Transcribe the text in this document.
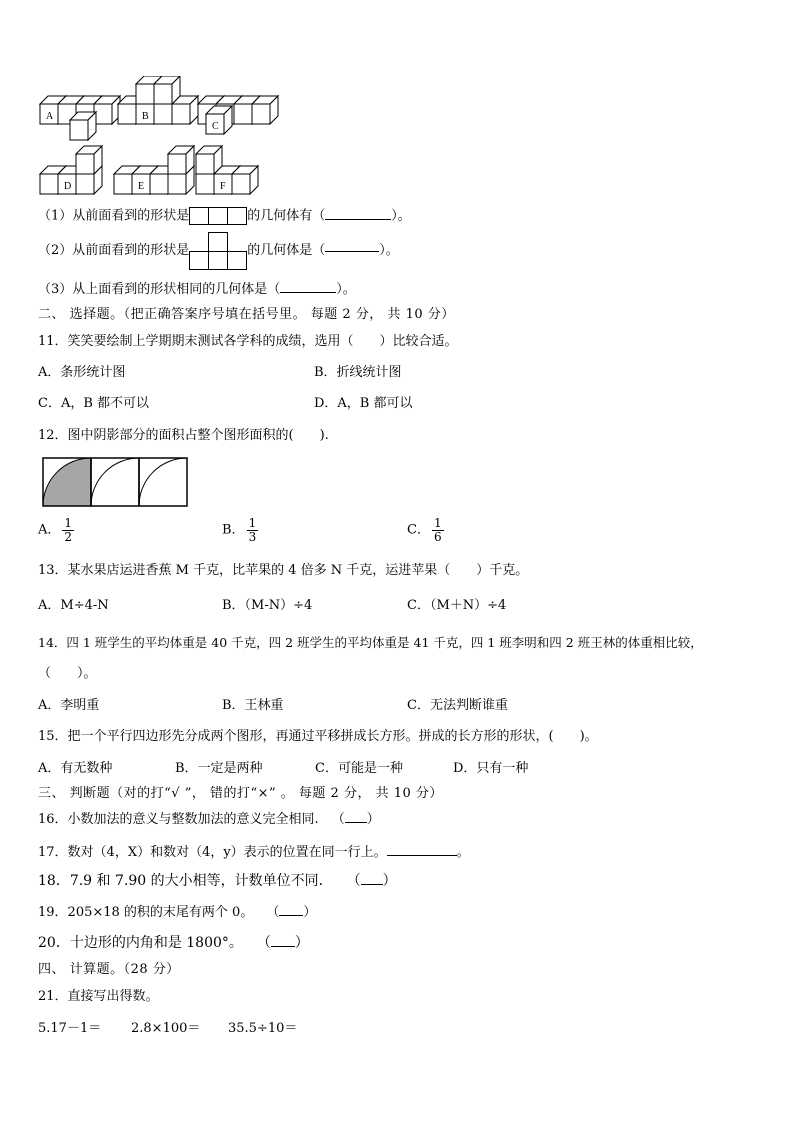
A	B
C
D	E	F
（1）从前面看到的形状是	的几何体有（	）。
（2）从前面看到的形状是	的几何体是（	）。
（3）从上面看到的形状相同的几何体是（	）。
二、 选择题。（把正确答案序号填在括号里。 每题 2 分， 共 10 分）
11．笑笑要绘制上学期期末测试各学科的成绩，选用（　　）比较合适。
A．条形统计图	B．折线统计图
C．A，B 都不可以	D．A，B 都可以
12．图中阴影部分的面积占整个图形面积的(　　).
A． $\frac{1}{2}$	B． $\frac{1}{3}$	C． $\frac{1}{6}$
13．某水果店运进香蕉 M 千克，比苹果的 4 倍多 N 千克，运进苹果（　　）千克。
A．M÷4-N	B．（M-N）÷4	C．（M＋N）÷4
14．四 1 班学生的平均体重是 40 千克，四 2 班学生的平均体重是 41 千克，四 1 班李明和四 2 班王林的体重相比较，
（　　）。
A．李明重	B．王林重	C．无法判断谁重
15．把一个平行四边形先分成两个图形，再通过平移拼成长方形。拼成的长方形的形状，(　　)。
A．有无数种	B．一定是两种	C．可能是一种	D．只有一种
三、 判断题（对的打“√ ”， 错的打“×” 。 每题 2 分， 共 10 分）
16．小数加法的意义与整数加法的意义完全相同.  （ ）
17．数对（4，X）和数对（4，y）表示的位置在同一行上。	。
18．7.9 和 7.90 的大小相等，计数单位不同．  （ ）
19．205×18 的积的末尾有两个 0。  （ ）
20．十边形的内角和是 1800°。  （ ）
四、 计算题。（28 分）
21．直接写出得数。
5.17－1＝ 2.8×100＝ 35.5÷10＝
